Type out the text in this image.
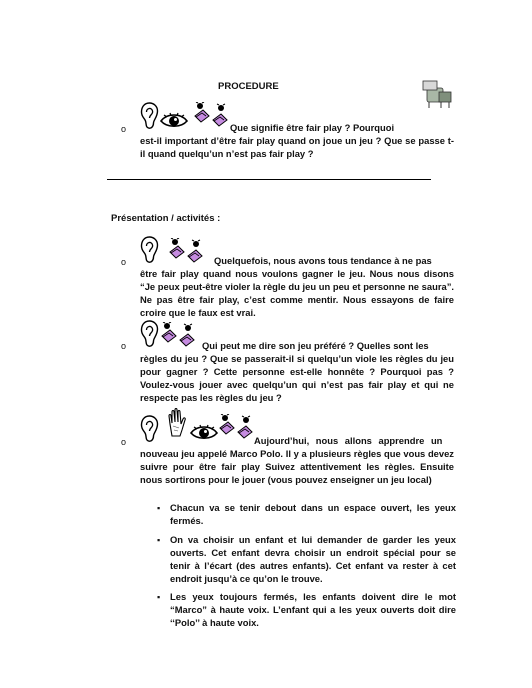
PROCEDURE
o	Que signifie être fair play ? Pourquoi
est-il important d’être fair play quand on joue un jeu ? Que se passe t-il quand quelqu’un n’est pas fair play ?
Présentation / activités :
o	Quelquefois, nous avons tous tendance à ne pas
être fair play quand nous voulons gagner le jeu. Nous nous disons “Je peux peut-être violer la règle du jeu un peu et personne ne saura”. Ne pas être fair play, c’est comme mentir. Nous essayons de faire croire que le faux est vrai.
o	Qui peut me dire son jeu préféré ? Quelles sont les
règles du jeu ? Que se passerait-il si quelqu’un viole les règles du jeu pour gagner ? Cette personne est-elle honnête ? Pourquoi pas ? Voulez-vous jouer avec quelqu’un qui n’est pas fair play et qui ne respecte pas les règles du jeu ?
o	Aujourd’hui, nous allons apprendre un
nouveau jeu appelé Marco Polo. Il y a plusieurs règles que vous devez suivre pour être fair play Suivez attentivement les règles. Ensuite nous sortirons pour le jouer (vous pouvez enseigner un jeu local)
▪ Chacun va se tenir debout dans un espace ouvert, les yeux fermés.
▪ On va choisir un enfant et lui demander de garder les yeux ouverts. Cet enfant devra choisir un endroit spécial pour se tenir à l’écart (des autres enfants). Cet enfant va rester à cet endroit jusqu’à ce qu’on le trouve.
▪ Les yeux toujours fermés, les enfants doivent dire le mot “Marco” à haute voix. L’enfant qui a les yeux ouverts doit dire ‘‘Polo’’ à haute voix.
